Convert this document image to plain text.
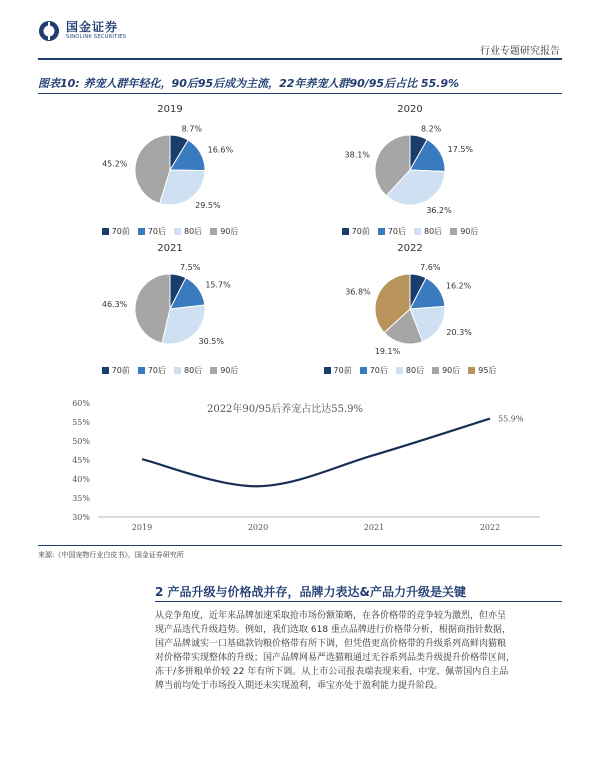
国金证券
SINOLINK SECURITIES
行业专题研究报告
图表10: 养宠人群年轻化，90后95后成为主流，22年养宠人群90/95后占比 55.9%
2019
8.7%
16.6%
29.5%
45.2%
70前 70后 80后 90后
2020
8.2%
17.5%
36.2%
38.1%
70前 70后 80后 90后
2021
7.5%
15.7%
30.5%
46.3%
70前 70后 80后 90后
2022
7.6%
16.2%
20.3%
19.1%
36.8%
70前 70后 80后 90后 95后
30%
35%
40%
45%
50%
55%
60%
2019	2020	2021	2022
2022年90/95后养宠占比达55.9%
55.9%
来源:《中国宠物行业白皮书》，国金证券研究所
2 产品升级与价格战并存，品牌力表达&产品力升级是关键
从竞争角度，近年来品牌加速采取抢市场份额策略，在各价格带的竞争较为激烈，但亦呈
现产品迭代升级趋势。例如，我们选取 618 重点品牌进行价格带分析，根据商指针数据，
国产品牌诚实一口基础款钧粮价格带有所下调，但凭借更高价格带的升级系列高鲜肉猫粮
对价格带实现整体的升级；国产品牌网易严选猫粮通过无谷系列品类升级提升价格带区间，
冻干/多拼粮单价较 22 年有所下调。从上市公司报表端表现来看，中宠、佩蒂国内自主品
牌当前均处于市场投入期还未实现盈利，乖宝亦处于盈利能力提升阶段。
